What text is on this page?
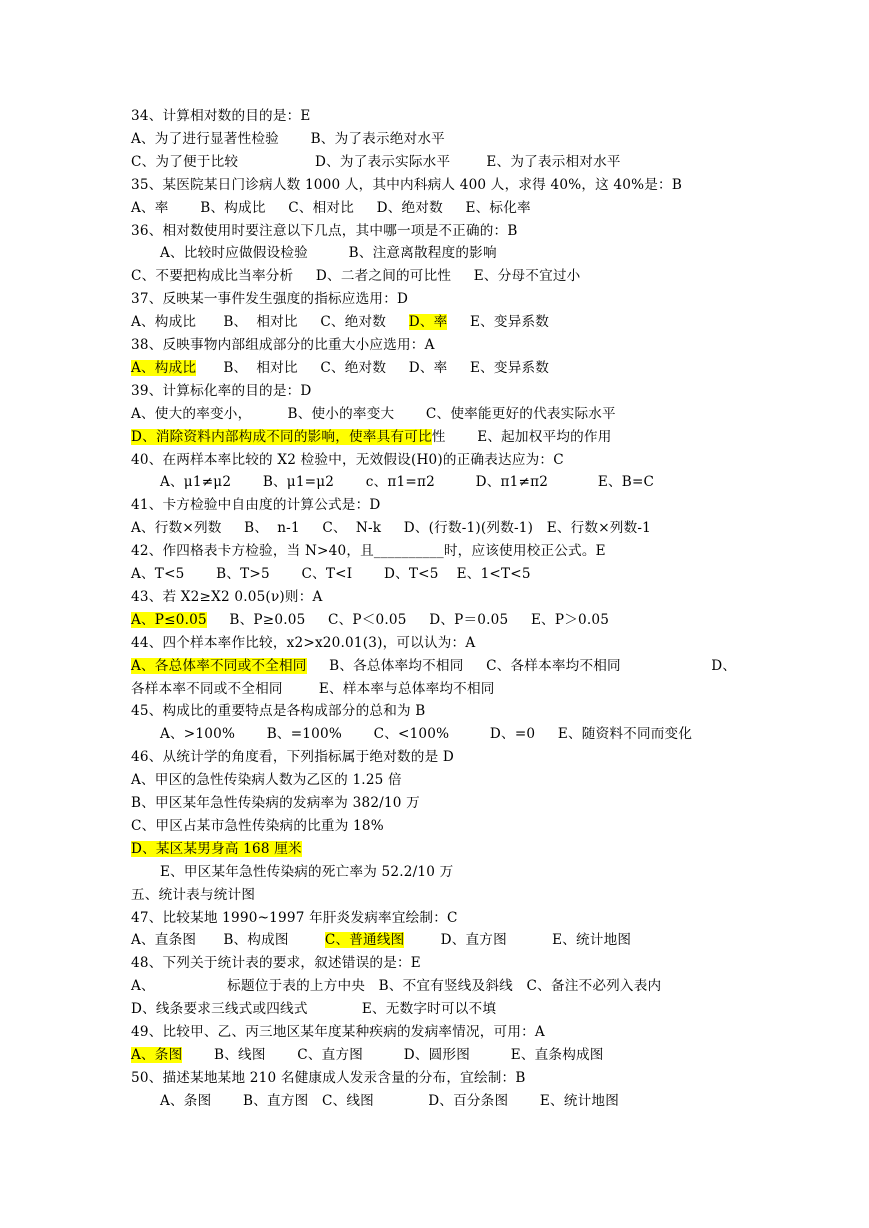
34、计算相对数的目的是：E
A、为了进行显著性检验       B、为了表示绝对水平
C、为了便于比较                 D、为了表示实际水平        E、为了表示相对水平
35、某医院某日门诊病人数 1000 人，其中内科病人 400 人，求得 40%，这 40%是：B
A、率       B、构成比     C、相对比     D、绝对数     E、标化率
36、相对数使用时要注意以下几点，其中哪一项是不正确的：B
A、比较时应做假设检验         B、注意离散程度的影响
C、不要把构成比当率分析     D、二者之间的可比性     E、分母不宜过小
37、反映某一事件发生强度的指标应选用：D
A、构成比      B、  相对比     C、绝对数     D、率     E、变异系数
38、反映事物内部组成部分的比重大小应选用：A
A、构成比      B、  相对比     C、绝对数     D、率     E、变异系数
39、计算标化率的目的是：D
A、使大的率变小，        B、使小的率变大       C、使率能更好的代表实际水平
D、消除资料内部构成不同的影响，使率具有可比性       E、起加权平均的作用
40、在两样本率比较的 X2 检验中，无效假设(H0)的正确表达应为：C
A、μ1≠μ2       B、μ1=μ2       c、π1=π2         D、π1≠π2           E、B=C
41、卡方检验中自由度的计算公式是：D
A、行数×列数     B、  n-1     C、  N-k     D、(行数-1)(列数-1)   E、行数×列数-1
42、作四格表卡方检验，当 N>40，且__________时，应该使用校正公式。E
A、T<5       B、T>5       C、T<I       D、T<5    E、1<T<5
43、若 X2≥X2 0.05(ν)则：A
A、P≤0.05     B、P≥0.05     C、P＜0.05     D、P＝0.05     E、P＞0.05
44、四个样本率作比较，x2>x20.01(3)，可以认为：A
A、各总体率不同或不全相同     B、各总体率均不相同     C、各样本率均不相同                    D、
各样本率不同或不全相同        E、样本率与总体率均不相同
45、构成比的重要特点是各构成部分的总和为 B
A、>100%       B、=100%       C、<100%         D、=0     E、随资料不同而变化
46、从统计学的角度看，下列指标属于绝对数的是 D
A、甲区的急性传染病人数为乙区的 1.25 倍
B、甲区某年急性传染病的发病率为 382/10 万
C、甲区占某市急性传染病的比重为 18%
D、某区某男身高 168 厘米
E、甲区某年急性传染病的死亡率为 52.2/10 万
五、统计表与统计图
47、比较某地 1990~1997 年肝炎发病率宜绘制：C
A、直条图      B、构成图        C、普通线图        D、直方图          E、统计地图
48、下列关于统计表的要求，叙述错误的是：E
A、                标题位于表的上方中央   B、不宜有竖线及斜线   C、备注不必列入表内
D、线条要求三线式或四线式            E、无数字时可以不填
49、比较甲、乙、丙三地区某年度某种疾病的发病率情况，可用：A
A、条图       B、线图       C、直方图         D、圆形图         E、直条构成图
50、描述某地某地 210 名健康成人发汞含量的分布，宜绘制：B
A、条图       B、直方图   C、线图            D、百分条图       E、统计地图
